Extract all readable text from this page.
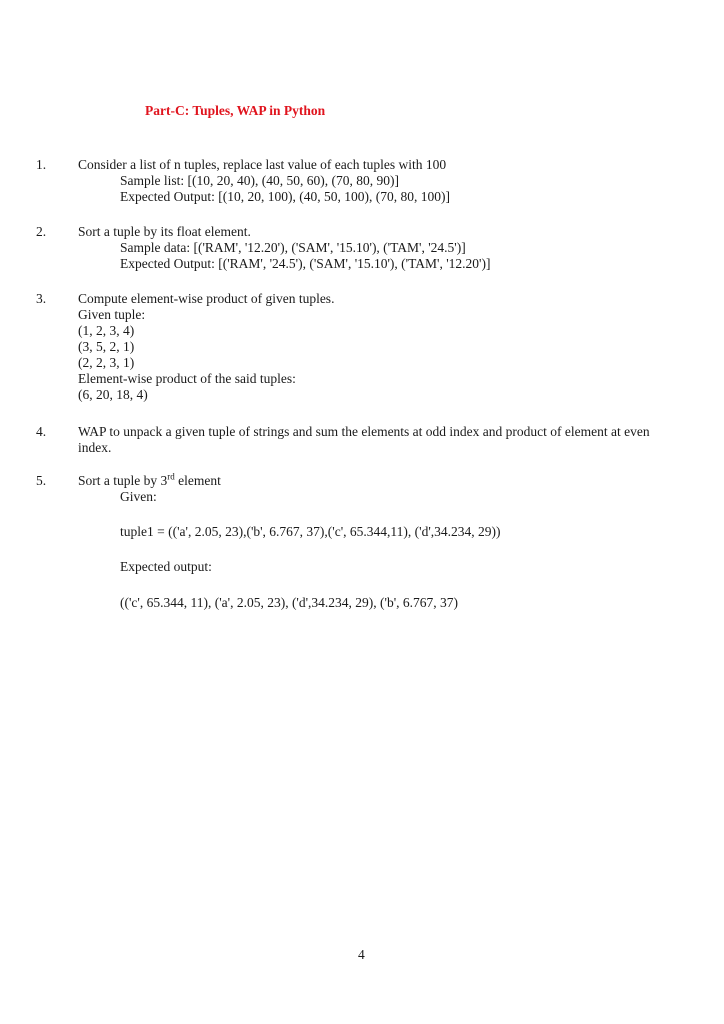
Part-C: Tuples, WAP in Python
1. Consider a list of n tuples, replace last value of each tuples with 100
Sample list: [(10, 20, 40), (40, 50, 60), (70, 80, 90)]
Expected Output: [(10, 20, 100), (40, 50, 100), (70, 80, 100)]
2. Sort a tuple by its float element.
Sample data: [('RAM', '12.20'), ('SAM', '15.10'), ('TAM', '24.5')]
Expected Output: [('RAM', '24.5'), ('SAM', '15.10'), ('TAM', '12.20')]
3. Compute element-wise product of given tuples.
Given tuple:
(1, 2, 3, 4)
(3, 5, 2, 1)
(2, 2, 3, 1)
Element-wise product of the said tuples:
(6, 20, 18, 4)
4. WAP to unpack a given tuple of strings and sum the elements at odd index and product of element at even index.
5. Sort a tuple by 3rd element
Given:
tuple1 = (('a', 2.05, 23),('b', 6.767, 37),('c', 65.344,11), ('d',34.234, 29))
Expected output:
(('c', 65.344, 11), ('a', 2.05, 23), ('d',34.234, 29), ('b', 6.767, 37)
4
